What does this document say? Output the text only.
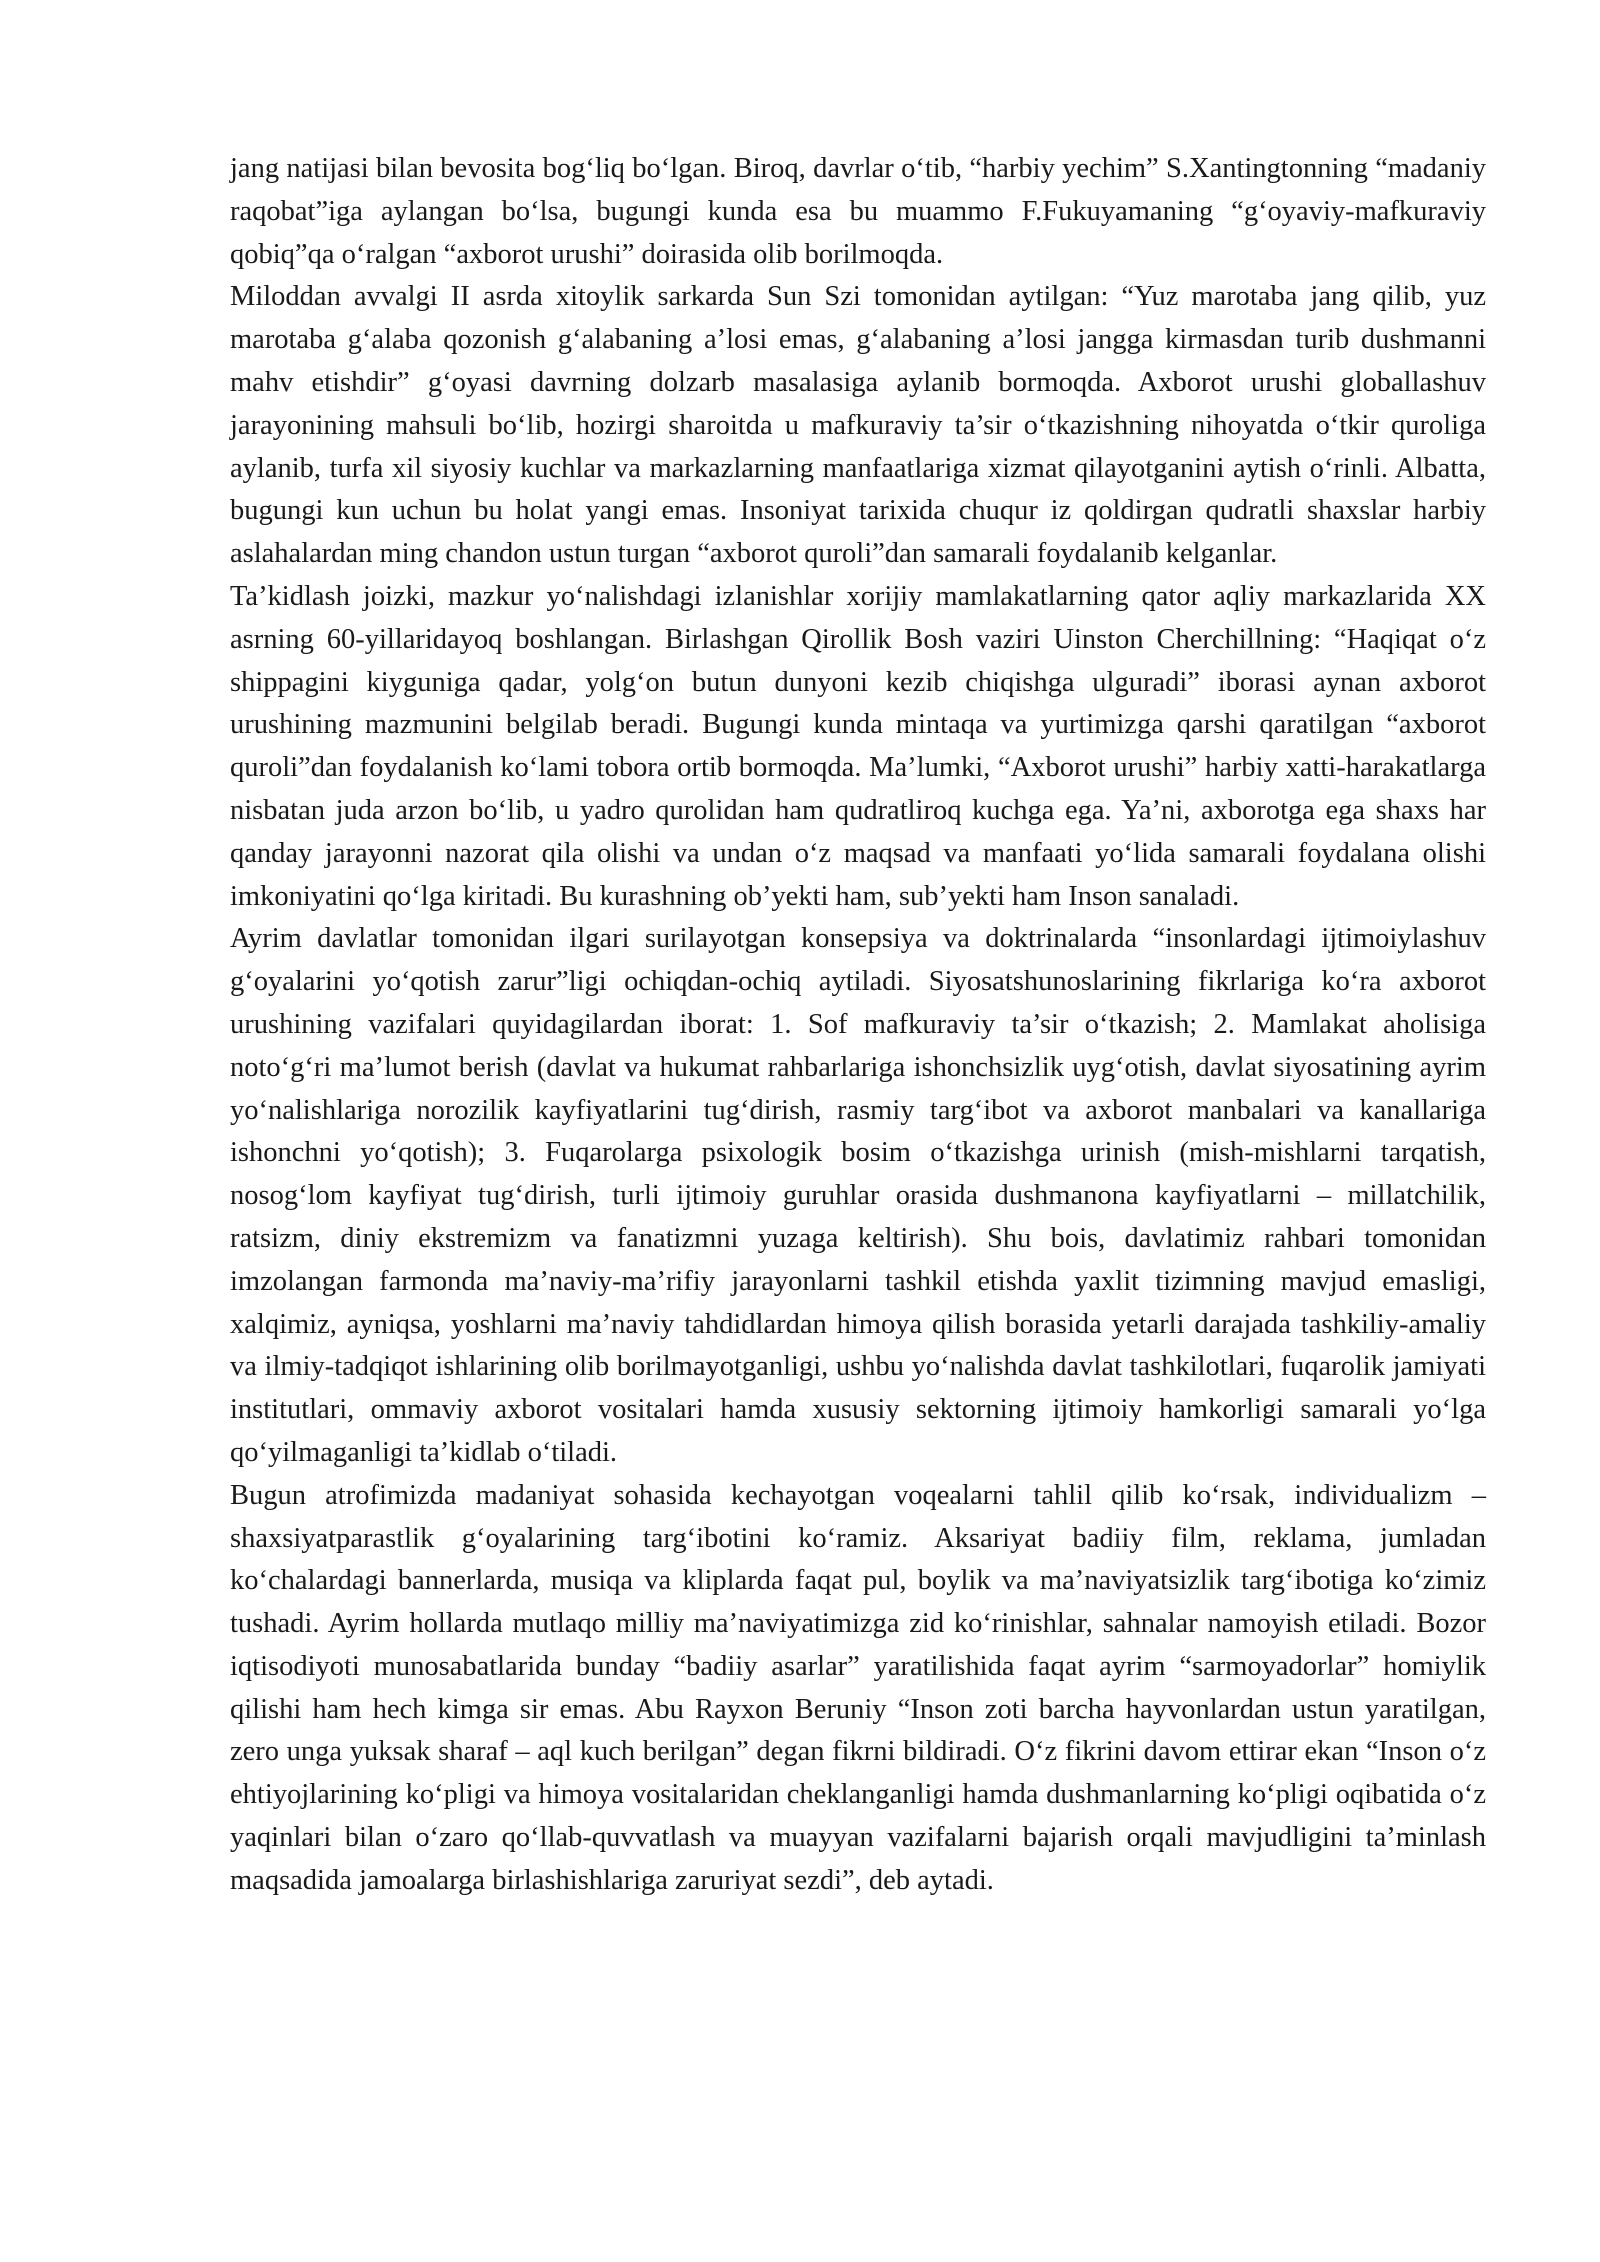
jang natijasi bilan bevosita bog‘liq bo‘lgan. Biroq, davrlar o‘tib, “harbiy yechim” S.Xantingtonning “madaniy raqobat”iga aylangan bo‘lsa, bugungi kunda esa bu muammo F.Fukuyamaning “g‘oyaviy-mafkuraviy qobiq”qa o‘ralgan “axborot urushi” doirasida olib borilmoqda.

Miloddan avvalgi II asrda xitoylik sarkarda Sun Szi tomonidan aytilgan: “Yuz marotaba jang qilib, yuz marotaba g‘alaba qozonish g‘alabaning a’losi emas, g‘alabaning a’losi jangga kirmasdan turib dushmanni mahv etishdir” g‘oyasi davrning dolzarb masalasiga aylanib bormoqda. Axborot urushi globallashuv jarayonining mahsuli bo‘lib, hozirgi sharoitda u mafkuraviy ta’sir o‘tkazishning nihoyatda o‘tkir quroliga aylanib, turfa xil siyosiy kuchlar va markazlarning manfaatlariga xizmat qilayotganini aytish o‘rinli. Albatta, bugungi kun uchun bu holat yangi emas. Insoniyat tarixida chuqur iz qoldirgan qudratli shaxslar harbiy aslahalardan ming chandon ustun turgan “axborot quroli”dan samarali foydalanib kelganlar.

Ta’kidlash joizki, mazkur yo‘nalishdagi izlanishlar xorijiy mamlakatlarning qator aqliy markazlarida XX asrning 60-yillaridayoq boshlangan. Birlashgan Qirollik Bosh vaziri Uinston Cherchillning: “Haqiqat o‘z shippagini kiyguniga qadar, yolg‘on butun dunyoni kezib chiqishga ulguradi” iborasi aynan axborot urushining mazmunini belgilab beradi. Bugungi kunda mintaqa va yurtimizga qarshi qaratilgan “axborot quroli”dan foydalanish ko‘lami tobora ortib bormoqda. Ma’lumki, “Axborot urushi” harbiy xatti-harakatlarga nisbatan juda arzon bo‘lib, u yadro qurolidan ham qudratliroq kuchga ega. Ya’ni, axborotga ega shaxs har qanday jarayonni nazorat qila olishi va undan o‘z maqsad va manfaati yo‘lida samarali foydalana olishi imkoniyatini qo‘lga kiritadi. Bu kurashning ob’yekti ham, sub’yekti ham Inson sanaladi.

Ayrim davlatlar tomonidan ilgari surilayotgan konsepsiya va doktrinalarda “insonlardagi ijtimoiylashuv g‘oyalarini yo‘qotish zarur”ligi ochiqdan-ochiq aytiladi. Siyosatshunoslarining fikrlariga ko‘ra axborot urushining vazifalari quyidagilardan iborat: 1. Sof mafkuraviy ta’sir o‘tkazish; 2. Mamlakat aholisiga noto‘g‘ri ma’lumot berish (davlat va hukumat rahbarlariga ishonchsizlik uyg‘otish, davlat siyosatining ayrim yo‘nalishlariga norozilik kayfiyatlarini tug‘dirish, rasmiy targ‘ibot va axborot manbalari va kanallariga ishonchni yo‘qotish); 3. Fuqarolarga psixologik bosim o‘tkazishga urinish (mish-mishlarni tarqatish, nosog‘lom kayfiyat tug‘dirish, turli ijtimoiy guruhlar orasida dushmanona kayfiyatlarni – millatchilik, ratsizm, diniy ekstremizm va fanatizmni yuzaga keltirish). Shu bois, davlatimiz rahbari tomonidan imzolangan farmonda ma’naviy-ma’rifiy jarayonlarni tashkil etishda yaxlit tizimning mavjud emasligi, xalqimiz, ayniqsa, yoshlarni ma’naviy tahdidlardan himoya qilish borasida yetarli darajada tashkiliy-amaliy va ilmiy-tadqiqot ishlarining olib borilmayotganligi, ushbu yo‘nalishda davlat tashkilotlari, fuqarolik jamiyati institutlari, ommaviy axborot vositalari hamda xususiy sektorning ijtimoiy hamkorligi samarali yo‘lga qo‘yilmaganligi ta’kidlab o‘tiladi.

Bugun atrofimizda madaniyat sohasida kechayotgan voqealarni tahlil qilib ko‘rsak, individualizm – shaxsiyatparastlik g‘oyalarining targ‘ibotini ko‘ramiz. Aksariyat badiiy film, reklama, jumladan ko‘chalardagi bannerlarda, musiqa va kliplarda faqat pul, boylik va ma’naviyatsizlik targ‘ibotiga ko‘zimiz tushadi. Ayrim hollarda mutlaqo milliy ma’naviyatimizga zid ko‘rinishlar, sahnalar namoyish etiladi. Bozor iqtisodiyoti munosabatlarida bunday “badiiy asarlar” yaratilishida faqat ayrim “sarmoyadorlar” homiylik qilishi ham hech kimga sir emas. Abu Rayxon Beruniy “Inson zoti barcha hayvonlardan ustun yaratilgan, zero unga yuksak sharaf – aql kuch berilgan” degan fikrni bildiradi. O‘z fikrini davom ettirar ekan “Inson o‘z ehtiyojlarining ko‘pligi va himoya vositalaridan cheklanganligi hamda dushmanlarning ko‘pligi oqibatida o‘z yaqinlari bilan o‘zaro qo‘llab-quvvatlash va muayyan vazifalarni bajarish orqali mavjudligini ta’minlash maqsadida jamoalarga birlashishlariga zaruriyat sezdi”, deb aytadi.
